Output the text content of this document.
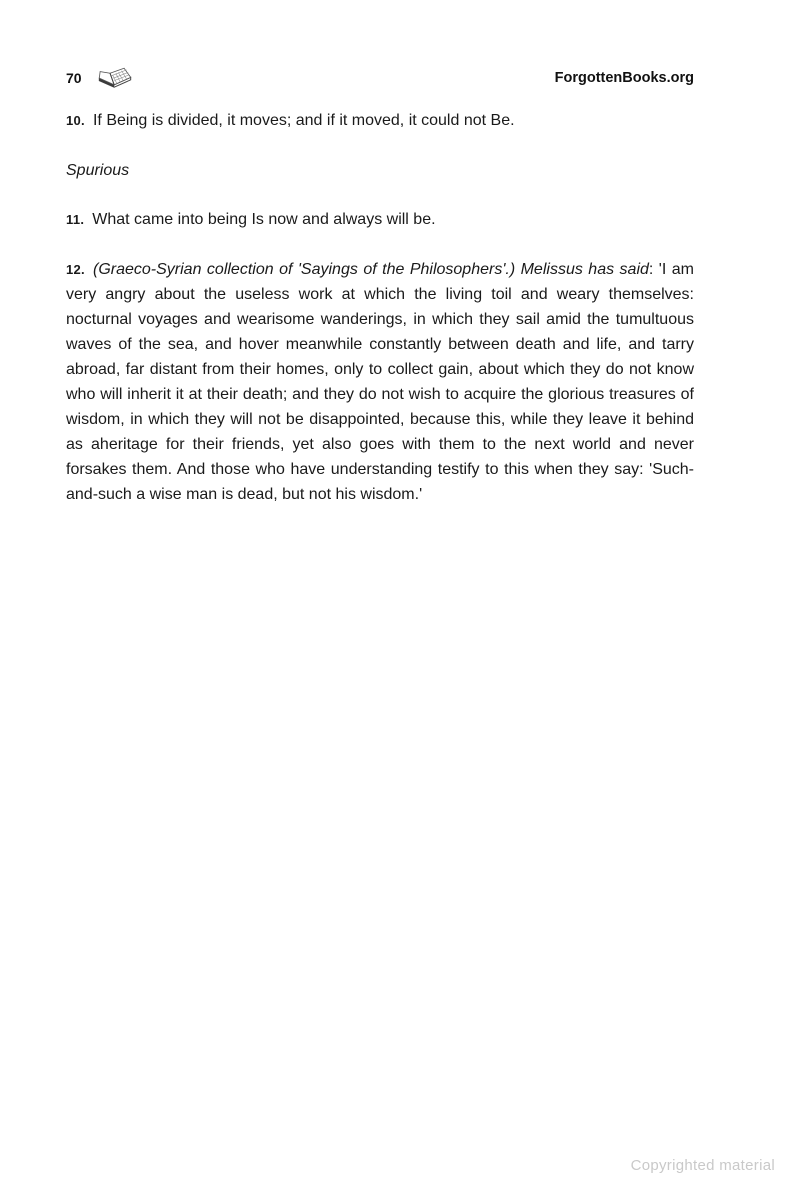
70	ForgottenBooks.org
10. If Being is divided, it moves; and if it moved, it could not Be.
Spurious
11. What came into being Is now and always will be.
12. (Graeco-Syrian collection of 'Sayings of the Philosophers'.) Melissus has said: 'I am very angry about the useless work at which the living toil and weary themselves: nocturnal voyages and wearisome wanderings, in which they sail amid the tumultuous waves of the sea, and hover meanwhile constantly between death and life, and tarry abroad, far distant from their homes, only to collect gain, about which they do not know who will inherit it at their death; and they do not wish to acquire the glorious treasures of wisdom, in which they will not be disappointed, because this, while they leave it behind as aheritage for their friends, yet also goes with them to the next world and never forsakes them. And those who have understanding testify to this when they say: 'Such-and-such a wise man is dead, but not his wisdom.'
Copyrighted material
